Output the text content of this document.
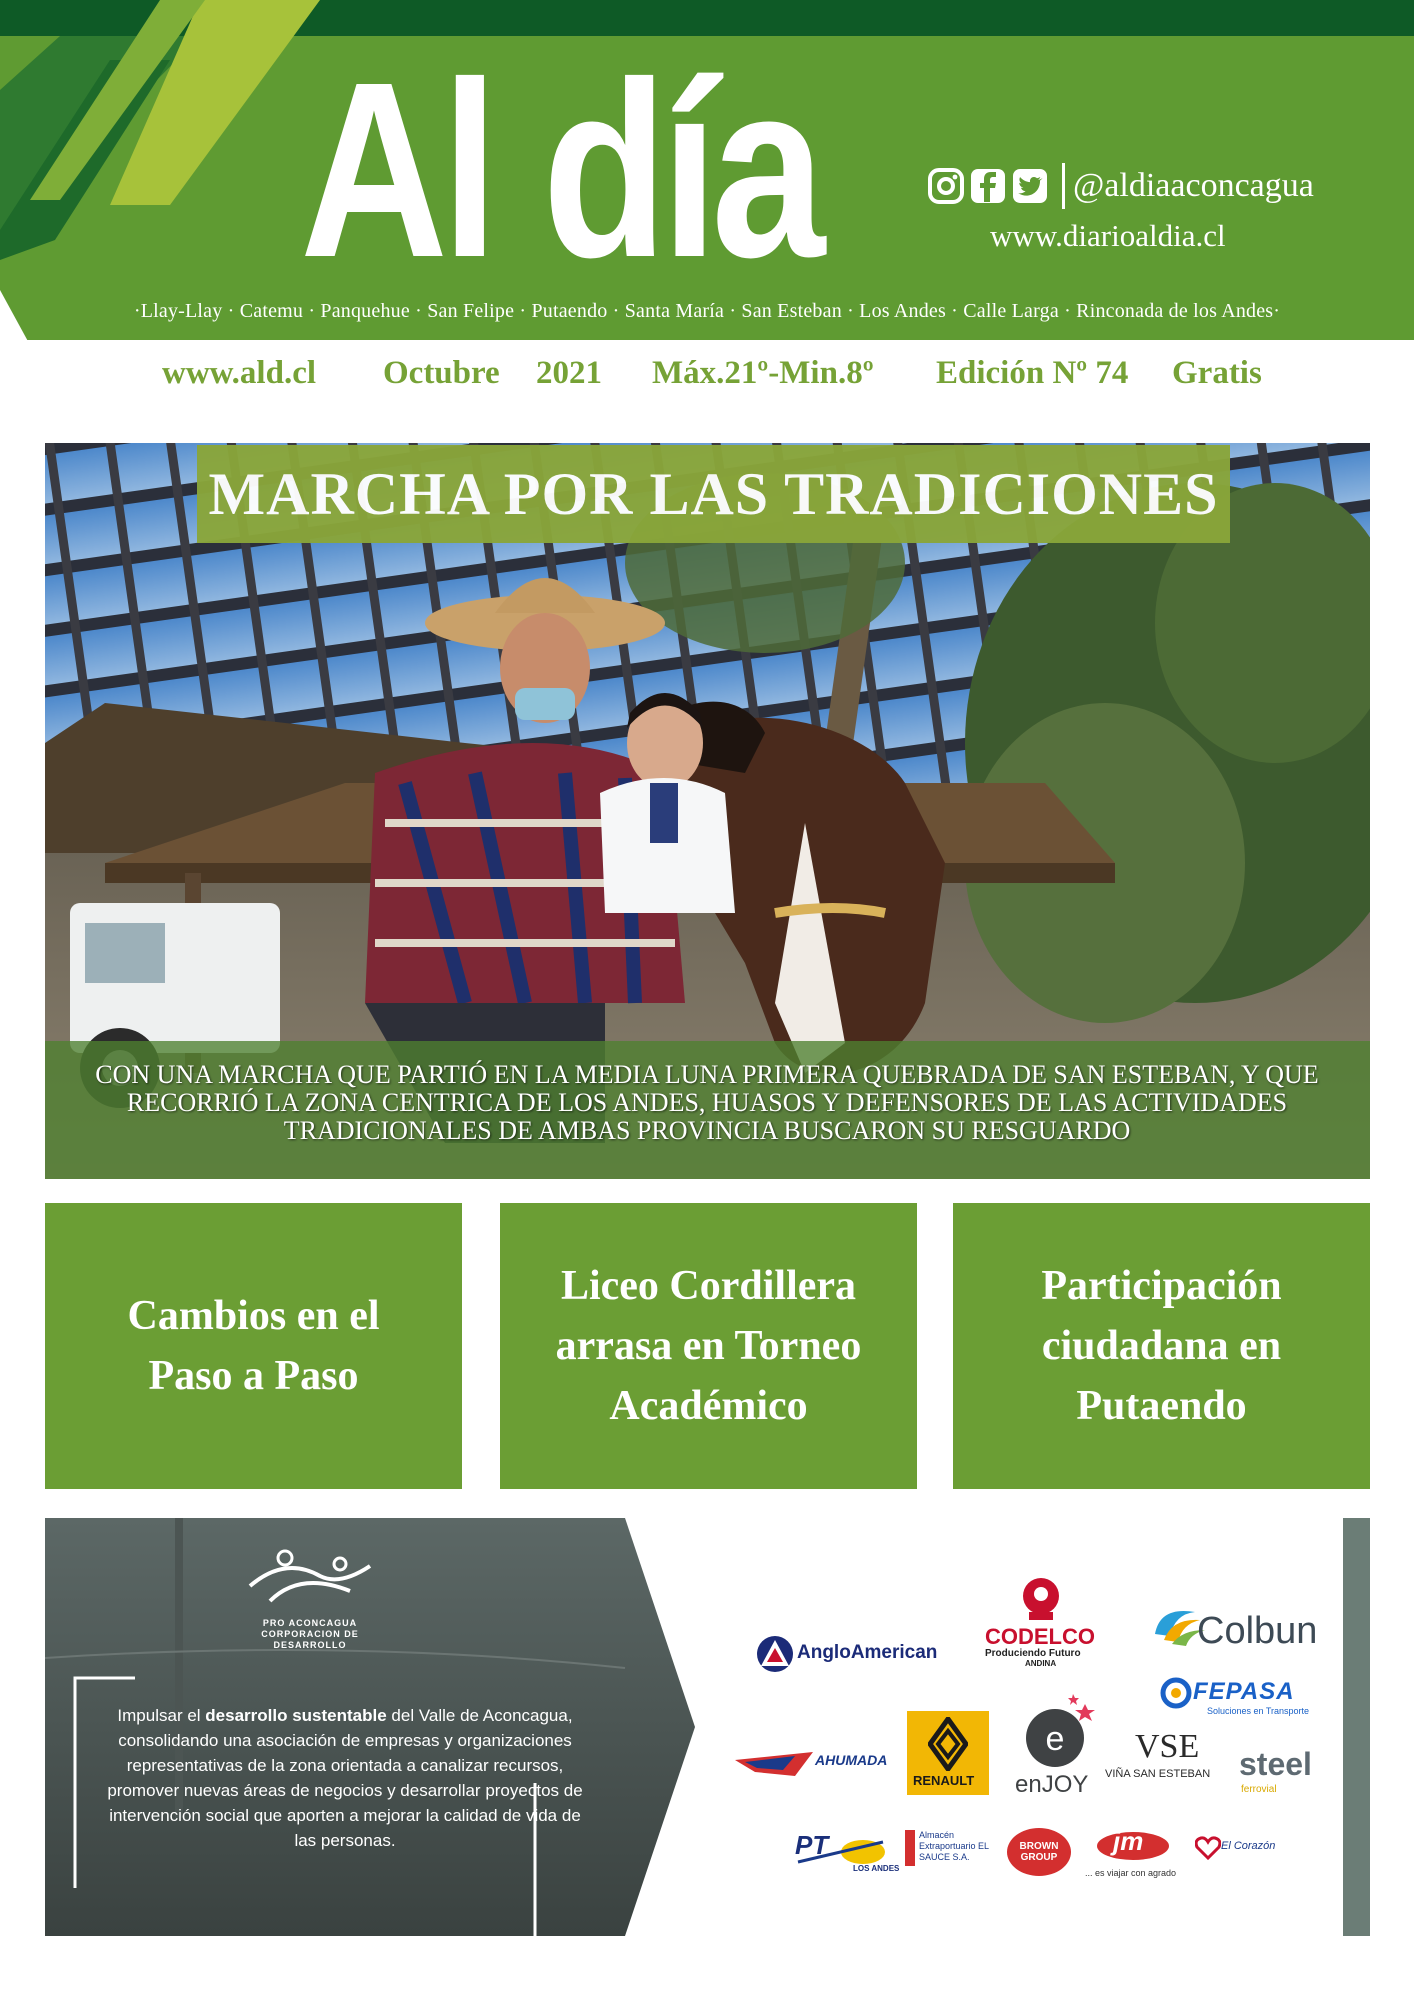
Al día	@aldiaaconcagua
www.diarioaldia.cl
·Llay-Llay · Catemu · Panquehue · San Felipe · Putaendo · Santa María · San Esteban · Los Andes · Calle Larga · Rinconada de los Andes·
www.ald.cl Octubre 2021 Máx.21º-Min.8º Edición Nº 74 Gratis
MARCHA POR LAS TRADICIONES
CON UNA MARCHA QUE PARTIÓ EN LA MEDIA LUNA PRIMERA QUEBRADA DE SAN ESTEBAN, Y QUE RECORRIÓ LA ZONA CENTRICA DE LOS ANDES, HUASOS Y DEFENSORES DE LAS ACTIVIDADES TRADICIONALES DE AMBAS PROVINCIA BUSCARON SU RESGUARDO
Cambios en el Paso a Paso
Liceo Cordillera arrasa en Torneo Académico
Participación ciudadana en Putaendo
PRO ACONCAGUA
CORPORACION DE DESARROLLO
Impulsar el desarrollo sustentable del Valle de Aconcagua, consolidando una asociación de empresas y organizaciones representativas de la zona orientada a canalizar recursos, promover nuevas áreas de negocios y desarrollar proyectos de intervención social que aporten a mejorar la calidad de vida de las personas.
AngloAmerican
CODELCO
Produciendo Futuro
ANDINA
Colbun
FEPASA
Soluciones en Transporte
AHUMADA
RENAULT
e
enJOY
VSE
VIÑA SAN ESTEBAN steel
ferrovial
PT
LOS ANDES
Almacén Extraportuario EL SAUCE S.A.
BROWN GROUP
jm
... es viajar con agrado
El Corazón
